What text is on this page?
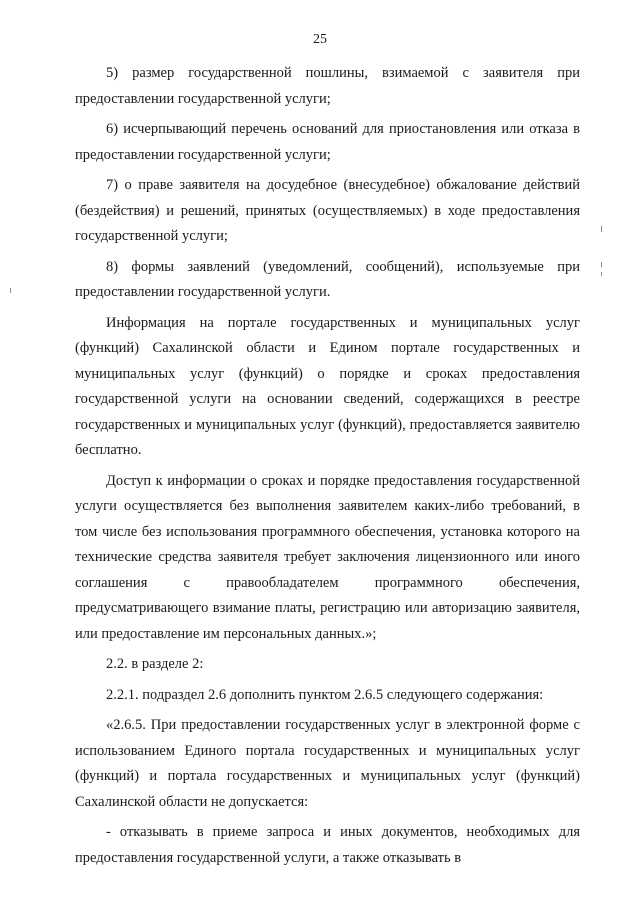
25

5) размер государственной пошлины, взимаемой с заявителя при предоставлении государственной услуги;

6) исчерпывающий перечень оснований для приостановления или отказа в предоставлении государственной услуги;

7) о праве заявителя на досудебное (внесудебное) обжалование действий (бездействия) и решений, принятых (осуществляемых) в ходе предоставления государственной услуги;

8) формы заявлений (уведомлений, сообщений), используемые при предоставлении государственной услуги.

Информация на портале государственных и муниципальных услуг (функций) Сахалинской области и Едином портале государственных и муниципальных услуг (функций) о порядке и сроках предоставления государственной услуги на основании сведений, содержащихся в реестре государственных и муниципальных услуг (функций), предоставляется заявителю бесплатно.

Доступ к информации о сроках и порядке предоставления государственной услуги осуществляется без выполнения заявителем каких-либо требований, в том числе без использования программного обеспечения, установка которого на технические средства заявителя требует заключения лицензионного или иного соглашения с правообладателем программного обеспечения, предусматривающего взимание платы, регистрацию или авторизацию заявителя, или предоставление им персональных данных.»;

2.2. в разделе 2:

2.2.1. подраздел 2.6 дополнить пунктом 2.6.5 следующего содержания:

«2.6.5. При предоставлении государственных услуг в электронной форме с использованием Единого портала государственных и муниципальных услуг (функций) и портала государственных и муниципальных услуг (функций) Сахалинской области не допускается:

- отказывать в приеме запроса и иных документов, необходимых для предоставления государственной услуги, а также отказывать в
